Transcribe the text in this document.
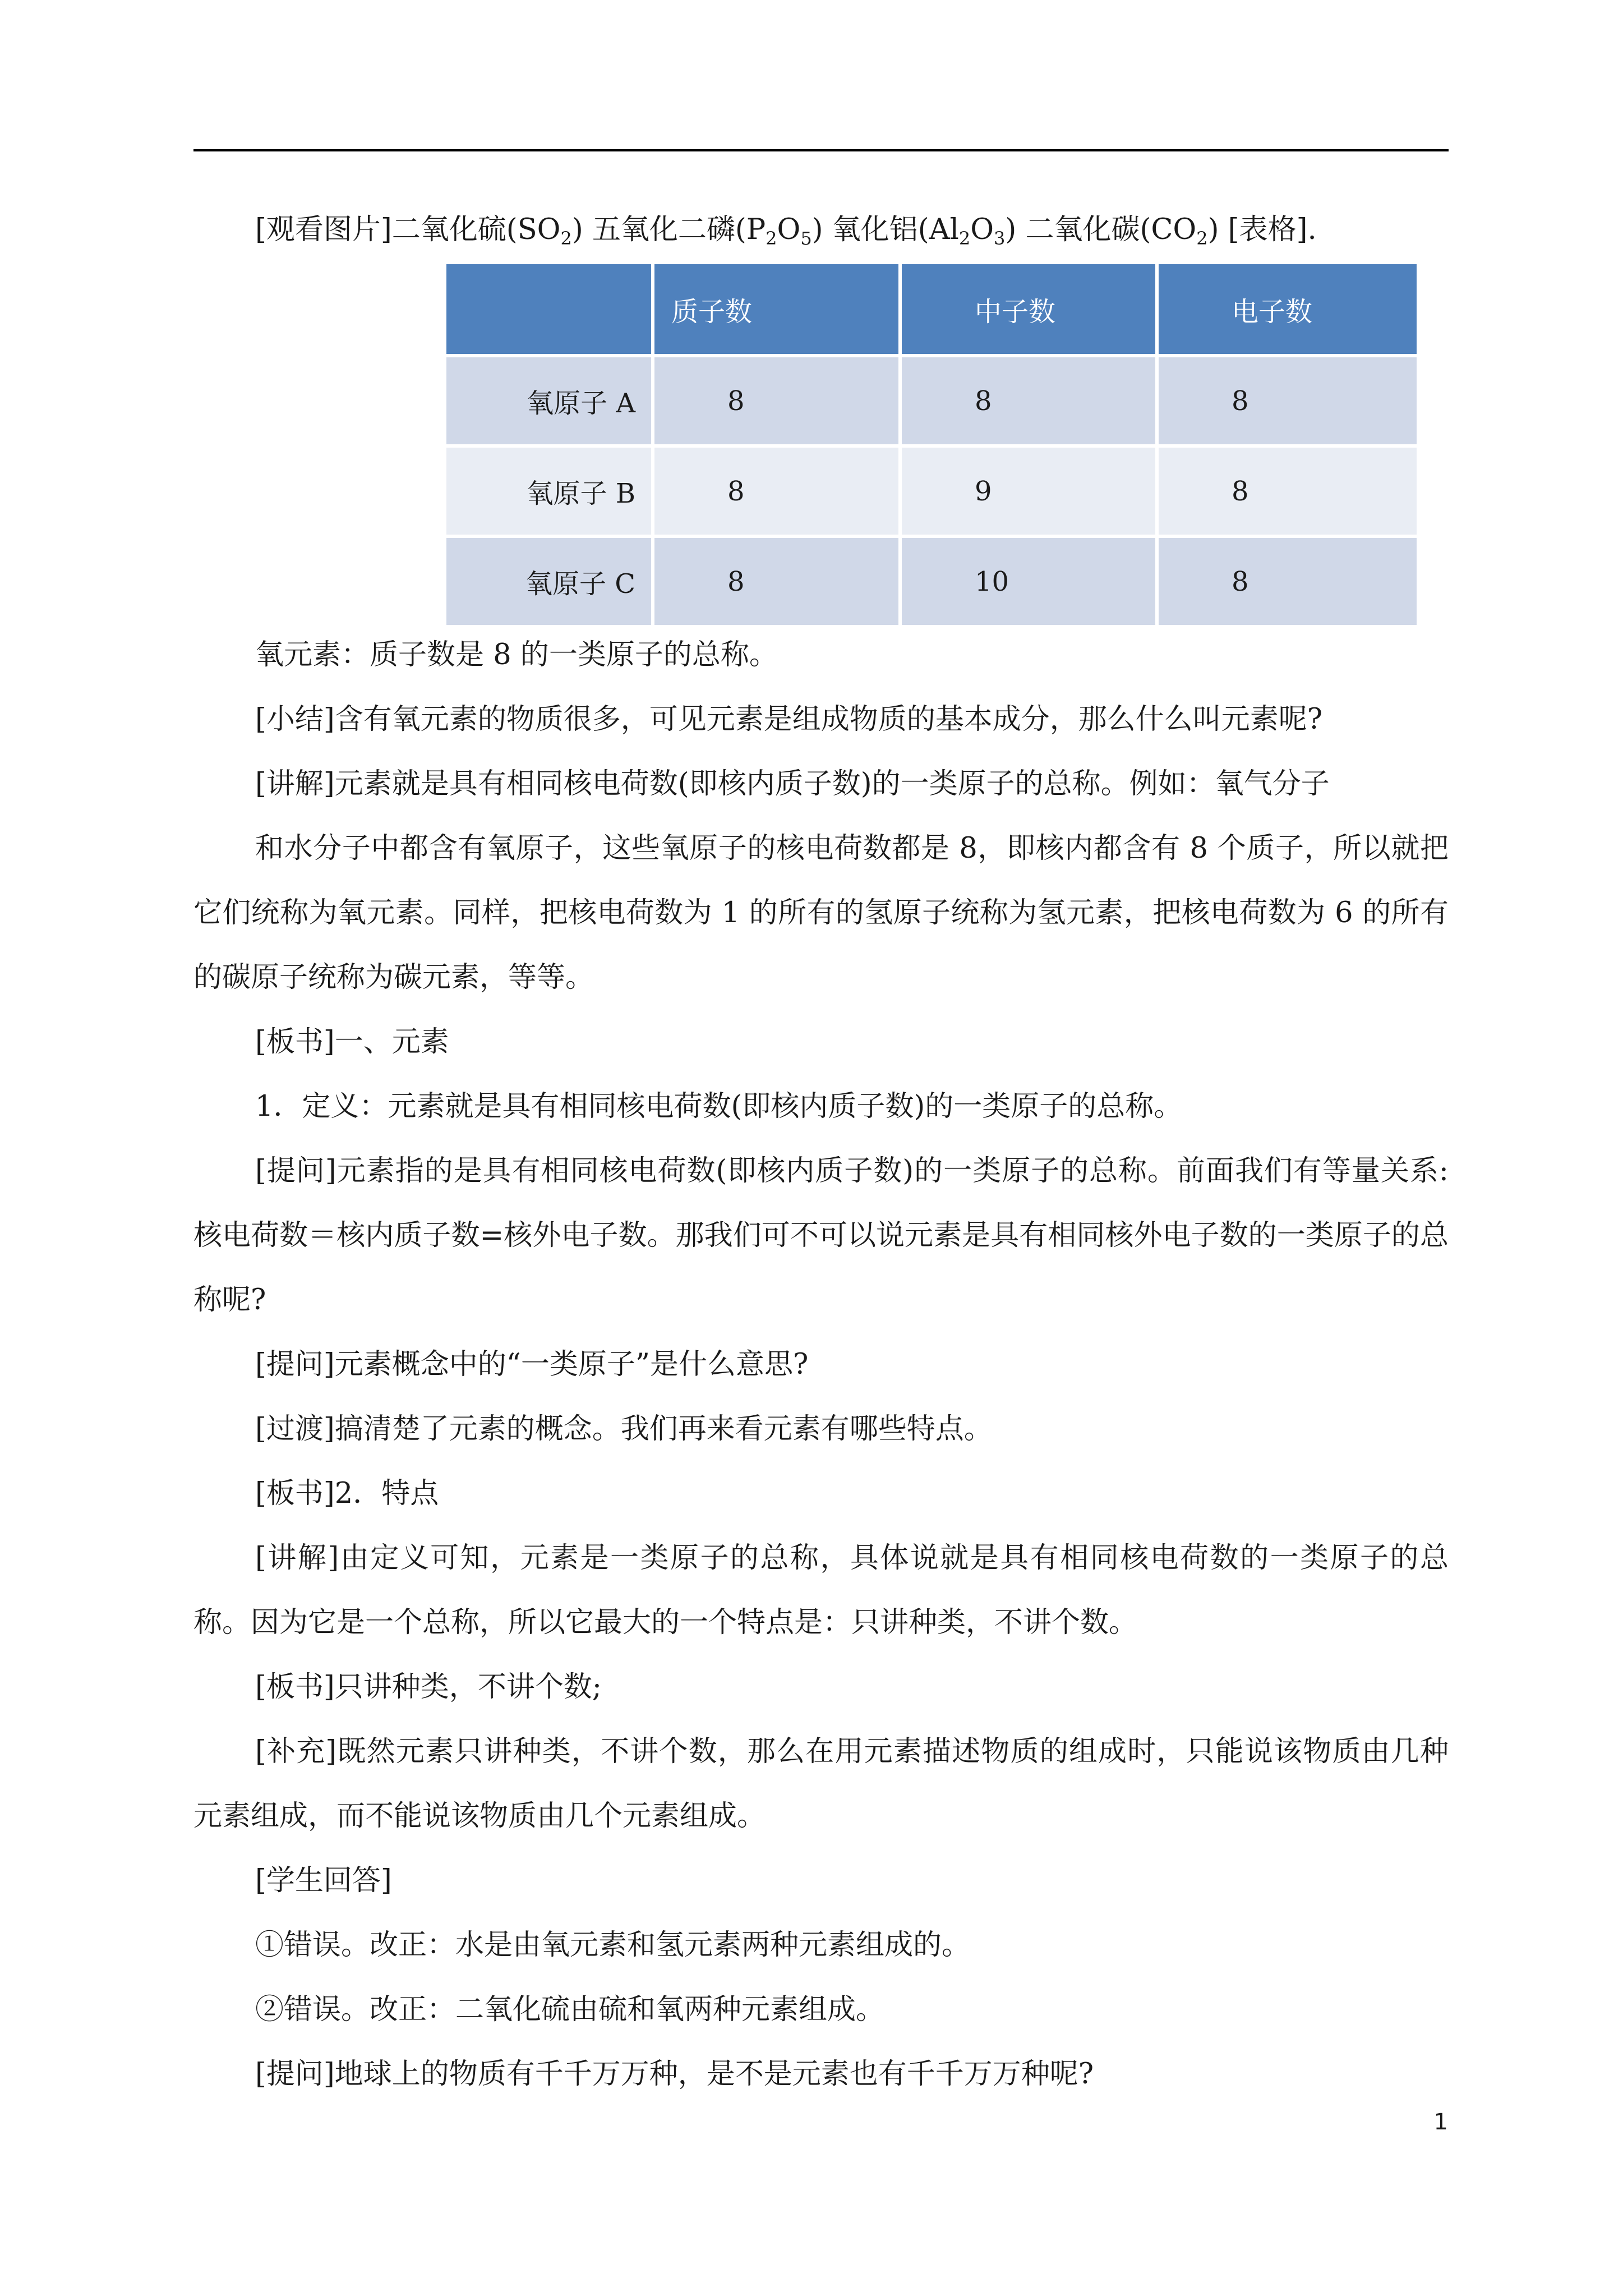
[观看图片]二氧化硫$(SO_2)$ 五氧化二磷$(P_2O_5)$ 氧化铝$(Al_2O_3)$ 二氧化碳$(CO_2)$ [表格].

	质子数	中子数	电子数
氧原子 A	8	8	8
氧原子 B	8	9	8
氧原子 C	8	10	8

氧元素：质子数是 8 的一类原子的总称。

[小结]含有氧元素的物质很多，可见元素是组成物质的基本成分，那么什么叫元素呢?

[讲解]元素就是具有相同核电荷数(即核内质子数)的一类原子的总称。例如：氧气分子

和水分子中都含有氧原子，这些氧原子的核电荷数都是 8，即核内都含有 8 个质子，所以就把它们统称为氧元素。同样，把核电荷数为 1 的所有的氢原子统称为氢元素，把核电荷数为 6 的所有的碳原子统称为碳元素，等等。

[板书]一、元素

1．定义：元素就是具有相同核电荷数(即核内质子数)的一类原子的总称。

[提问]元素指的是具有相同核电荷数(即核内质子数)的一类原子的总称。前面我们有等量关系:核电荷数＝核内质子数=核外电子数。那我们可不可以说元素是具有相同核外电子数的一类原子的总称呢?

[提问]元素概念中的“一类原子”是什么意思?

[过渡]搞清楚了元素的概念。我们再来看元素有哪些特点。

[板书]2．特点

[讲解]由定义可知，元素是一类原子的总称，具体说就是具有相同核电荷数的一类原子的总称。因为它是一个总称，所以它最大的一个特点是：只讲种类，不讲个数。

[板书]只讲种类，不讲个数;

[补充]既然元素只讲种类，不讲个数，那么在用元素描述物质的组成时，只能说该物质由几种元素组成，而不能说该物质由几个元素组成。

[学生回答]

①错误。改正：水是由氧元素和氢元素两种元素组成的。

②错误。改正：二氧化硫由硫和氧两种元素组成。

[提问]地球上的物质有千千万万种，是不是元素也有千千万万种呢?

1
